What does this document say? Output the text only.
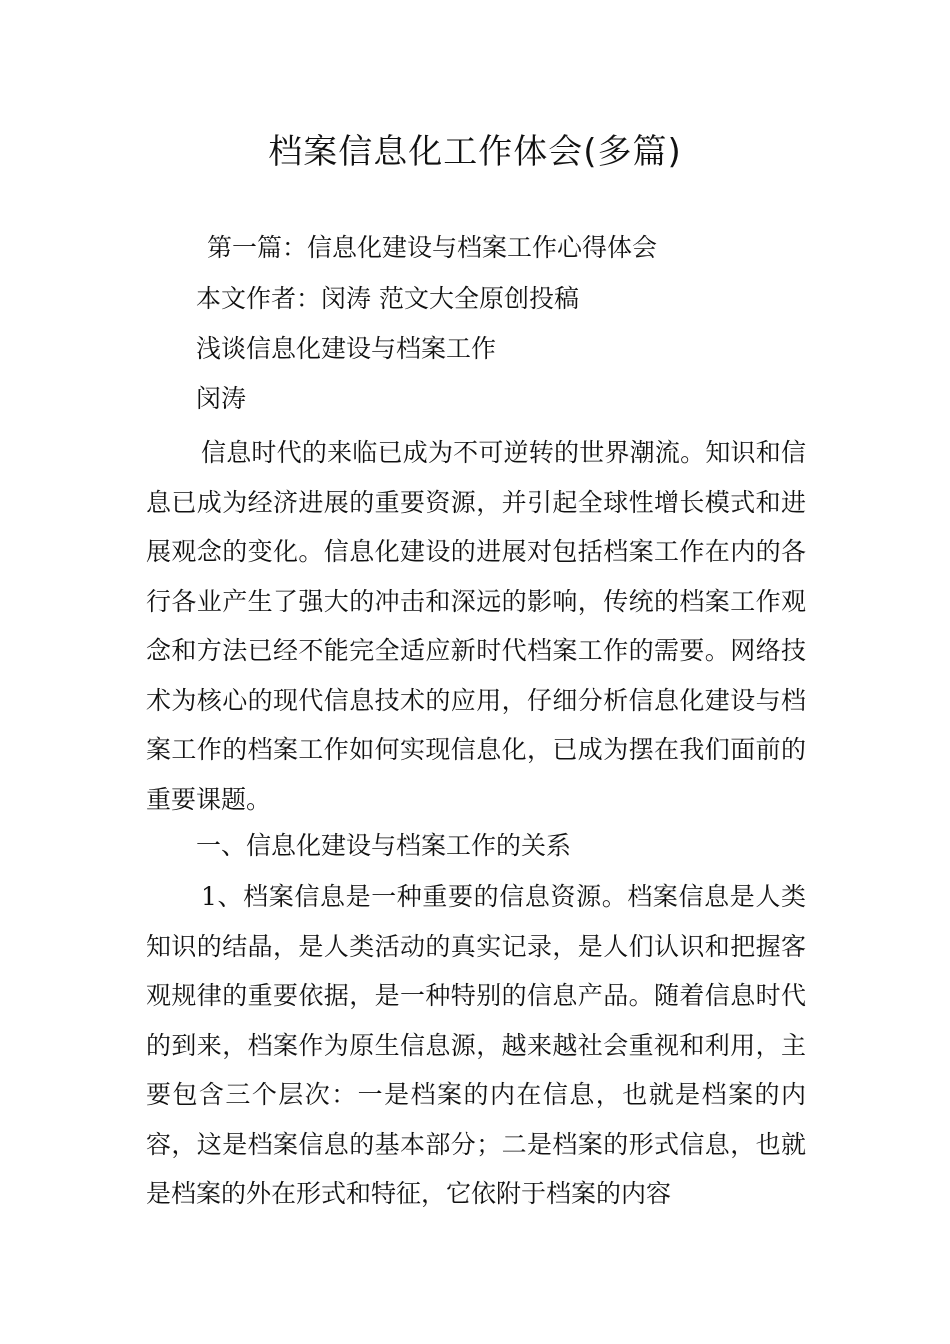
档案信息化工作体会(多篇)

第一篇：信息化建设与档案工作心得体会

本文作者：闵涛 范文大全原创投稿

浅谈信息化建设与档案工作

闵涛

信息时代的来临已成为不可逆转的世界潮流。知识和信息已成为经济进展的重要资源，并引起全球性增长模式和进展观念的变化。信息化建设的进展对包括档案工作在内的各行各业产生了强大的冲击和深远的影响，传统的档案工作观念和方法已经不能完全适应新时代档案工作的需要。网络技术为核心的现代信息技术的应用，仔细分析信息化建设与档案工作的档案工作如何实现信息化，已成为摆在我们面前的重要课题。

一、信息化建设与档案工作的关系

1、档案信息是一种重要的信息资源。档案信息是人类知识的结晶，是人类活动的真实记录，是人们认识和把握客观规律的重要依据，是一种特别的信息产品。随着信息时代的到来，档案作为原生信息源，越来越社会重视和利用，主要包含三个层次：一是档案的内在信息，也就是档案的内容，这是档案信息的基本部分；二是档案的形式信息，也就是档案的外在形式和特征，它依附于档案的内容
